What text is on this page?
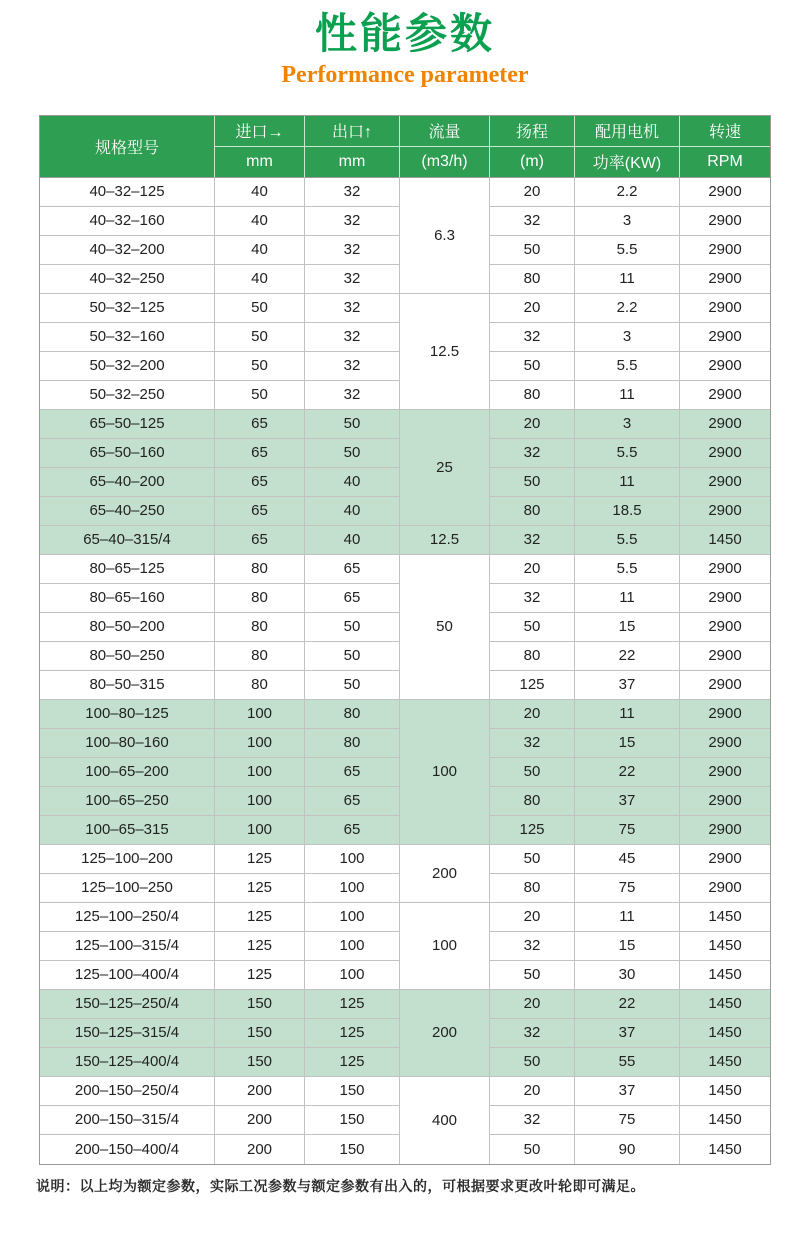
性能参数
Performance parameter
规格型号	进口→	出口↑	流量	扬程	配用电机	转速
	mm	mm	(m3/h)	(m)	功率(KW)	RPM
40–32–125	40	32	6.3	20	2.2	2900
40–32–160	40	32		32	3	2900
40–32–200	40	32		50	5.5	2900
40–32–250	40	32		80	11	2900
50–32–125	50	32	12.5	20	2.2	2900
50–32–160	50	32		32	3	2900
50–32–200	50	32		50	5.5	2900
50–32–250	50	32		80	11	2900
65–50–125	65	50	25	20	3	2900
65–50–160	65	50		32	5.5	2900
65–40–200	65	40		50	11	2900
65–40–250	65	40		80	18.5	2900
65–40–315/4	65	40	12.5	32	5.5	1450
80–65–125	80	65	50	20	5.5	2900
80–65–160	80	65		32	11	2900
80–50–200	80	50		50	15	2900
80–50–250	80	50		80	22	2900
80–50–315	80	50		125	37	2900
100–80–125	100	80	100	20	11	2900
100–80–160	100	80		32	15	2900
100–65–200	100	65		50	22	2900
100–65–250	100	65		80	37	2900
100–65–315	100	65		125	75	2900
125–100–200	125	100	200	50	45	2900
125–100–250	125	100		80	75	2900
125–100–250/4	125	100	100	20	11	1450
125–100–315/4	125	100		32	15	1450
125–100–400/4	125	100		50	30	1450
150–125–250/4	150	125	200	20	22	1450
150–125–315/4	150	125		32	37	1450
150–125–400/4	150	125		50	55	1450
200–150–250/4	200	150	400	20	37	1450
200–150–315/4	200	150		32	75	1450
200–150–400/4	200	150		50	90	1450
说明：以上均为额定参数，实际工况参数与额定参数有出入的，可根据要求更改叶轮即可满足。
